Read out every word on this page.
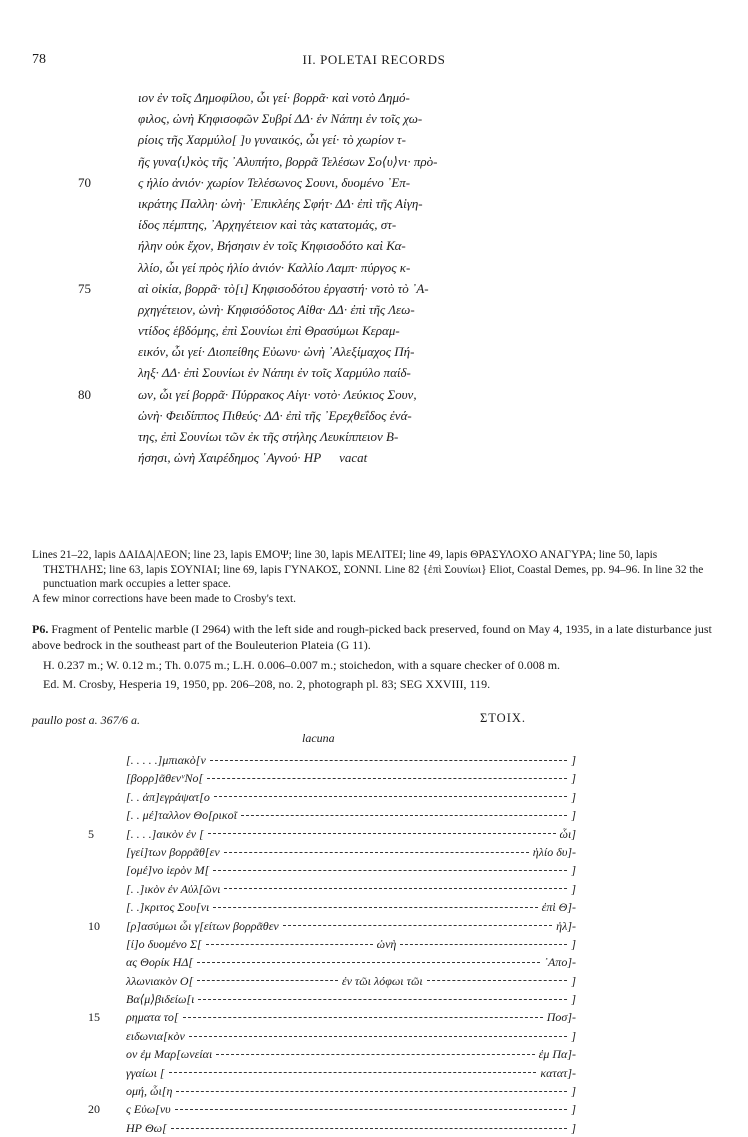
78	II. POLETAI RECORDS
ιον ἐν τοῖς Δημοφίλου, ὧι γεί· βορρᾶ· καὶ νοτὸ Δημό-
φιλος, ὠνὴ Κηφισοφῶν Συβρί ΔΔ· ἐν Νάπηι ἐν τοῖς χω-
ρίοις τῆς Χαρμύλο[ ]υ γυναικός, ὧι γεί· τὸ χωρίον τ-
ῆς γυνα⟨ι⟩κὸς τῆς ᾿Αλυπήτο, βορρᾶ Τελέσων Σο⟨υ⟩νι· πρὸ-
70	ς ἡλίο ἀνιόν· χωρίον Τελέσωνος Σουνι, δυομένο ᾿Επ-
ικράτης Παλλη· ὠνὴ· ᾿Επικλέης Σφήτ· ΔΔ· ἐπὶ τῆς Αἰγη-
ίδος πέμπτης, ᾿Αρχηγέτειον καὶ τὰς κατατομάς, στ-
ήλην οὐκ ἔχον, Βήσησιν ἐν τοῖς Κηφισοδότο καὶ Κα-
λλίο, ὧι γεί πρὸς ἡλίο ἀνιόν· Καλλίο Λαμπ· πύργος κ-
75	αὶ οἰκία, βορρᾶ· τὸ[ι] Κηφισοδότου ἐργαστή· νοτὸ τὸ ᾿Α-
ρχηγέτειον, ὠνὴ· Κηφισόδοτος Αἰθα· ΔΔ· ἐπὶ τῆς Λεω-
ντίδος ἑβδόμης, ἐπὶ Σουνίωι ἐπὶ Θρασύμωι Κεραμ-
εικόν, ὧι γεί· Διοπείθης Εὐωνυ· ὠνὴ ᾿Αλεξίμαχος Πή-
ληξ· ΔΔ· ἐπὶ Σουνίωι ἐν Νάπηι ἐν τοῖς Χαρμύλο παίδ-
80	ων, ὧι γεί βορρᾶ· Πύρρακος Αἰγι· νοτὸ· Λεύκιος Σουν,
ὠνὴ· Φειδίππος Πιθεύς· ΔΔ· ἐπὶ τῆς ᾿Ερεχθεΐδος ἐνά-
της, ἐπὶ Σουνίωι τῶν ἐκ τῆς στήλης Λευκίππειον Β-
ήσησι, ὠνὴ Χαιρέδημος ῾Αγνού· ΗΡ vacat

Lines 21–22, lapis ΔΑΙΔΑ|ΛΕΟΝ; line 23, lapis ΕΜΟΨ; line 30, lapis ΜΕΛΙΤΕΙ; line 49, lapis ΘΡΑΣΥΛΟΧΟ ΑΝΑΓΥΡΑ; line 50, lapis ΤΗΣΤΗΛΗΣ; line 63, lapis ΣΟΥΝΙΑΙ; line 69, lapis ΓΥΝΑΚΟΣ, ΣΟΝΝΙ. Line 82 {ἐπὶ Σουνίωι} Eliot, Coastal Demes, pp. 94–96. In line 32 the punctuation mark occupies a letter space.

A few minor corrections have been made to Crosby's text.

P6. Fragment of Pentelic marble (I 2964) with the left side and rough-picked back preserved, found on May 4, 1935, in a late disturbance just above bedrock in the southeast part of the Bouleuterion Plateia (G 11).

H. 0.237 m.; W. 0.12 m.; Th. 0.075 m.; L.H. 0.006–0.007 m.; stoichedon, with a square checker of 0.008 m.

Ed. M. Crosby, Hesperia 19, 1950, pp. 206–208, no. 2, photograph pl. 83; SEG XXVIII, 119.

paullo post a. 367/6 a.	ΣΤΟΙΧ.
lacuna
[. . . . .]μπιακὸ[ν	]
[βορρ]ᾶθενᵛΝο[	]
[. . ἀπ]εγράψατ[ο	]
[. . μέ]ταλλον Θο[ρικοῖ	]
5	[. . . .]αικὸν ἐν [	ὧι]
[γεί]των βορρᾶθ[εν	ἡλίο δυ]-
[ομέ]νο ἱερὸν Μ[	]
[. .]ικὸν ἐν Αὐλ[ῶνι	]
[. .]κριτος Σου[νι	ἐπὶ Θ]-
10 [ρ]ασύμωι ὧι γ[είτων βορρᾶθεν	ἡλ]-
[ί]ο δυομένο Σ[	ὠνὴ	]
ας Θορίκ ΗΔ[	᾿Απο]-
λλωνιακὸν Ο[	ἐν τῶι λόφωι τῶι	]
Βα⟨μ⟩βιδείω[ι	]
15 ρηματα το[	Ποσ]-
ειδωνια[κὸν	]
ον ἐμ Μαρ[ωνείαι	ἐμ Πα]-
γγαίωι [	κατατ]-
ομή, ὧι[η	]
20 ς Εὐω[νυ	]
ΗΡ Θω[	]
